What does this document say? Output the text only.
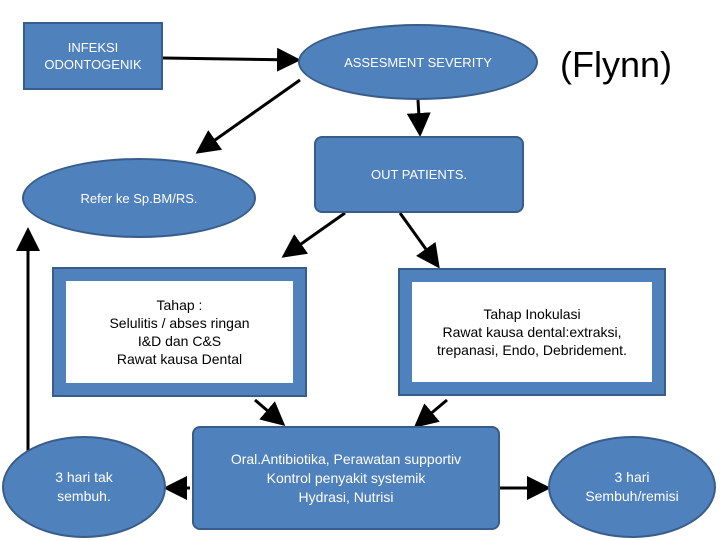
INFEKSI
ODONTOGENIK	ASSESMENT SEVERITY (Flynn)
OUT PATIENTS.
Refer ke Sp.BM/RS.
Tahap :
Selulitis / abses ringan
I&D dan C&S
Rawat kausa Dental
Tahap Inokulasi
Rawat kausa dental:extraksi,
trepanasi, Endo, Debridement.
Oral.Antibiotika, Perawatan supportiv
Kontrol penyakit systemik
Hydrasi, Nutrisi
3 hari tak
sembuh.
3 hari
Sembuh/remisi
